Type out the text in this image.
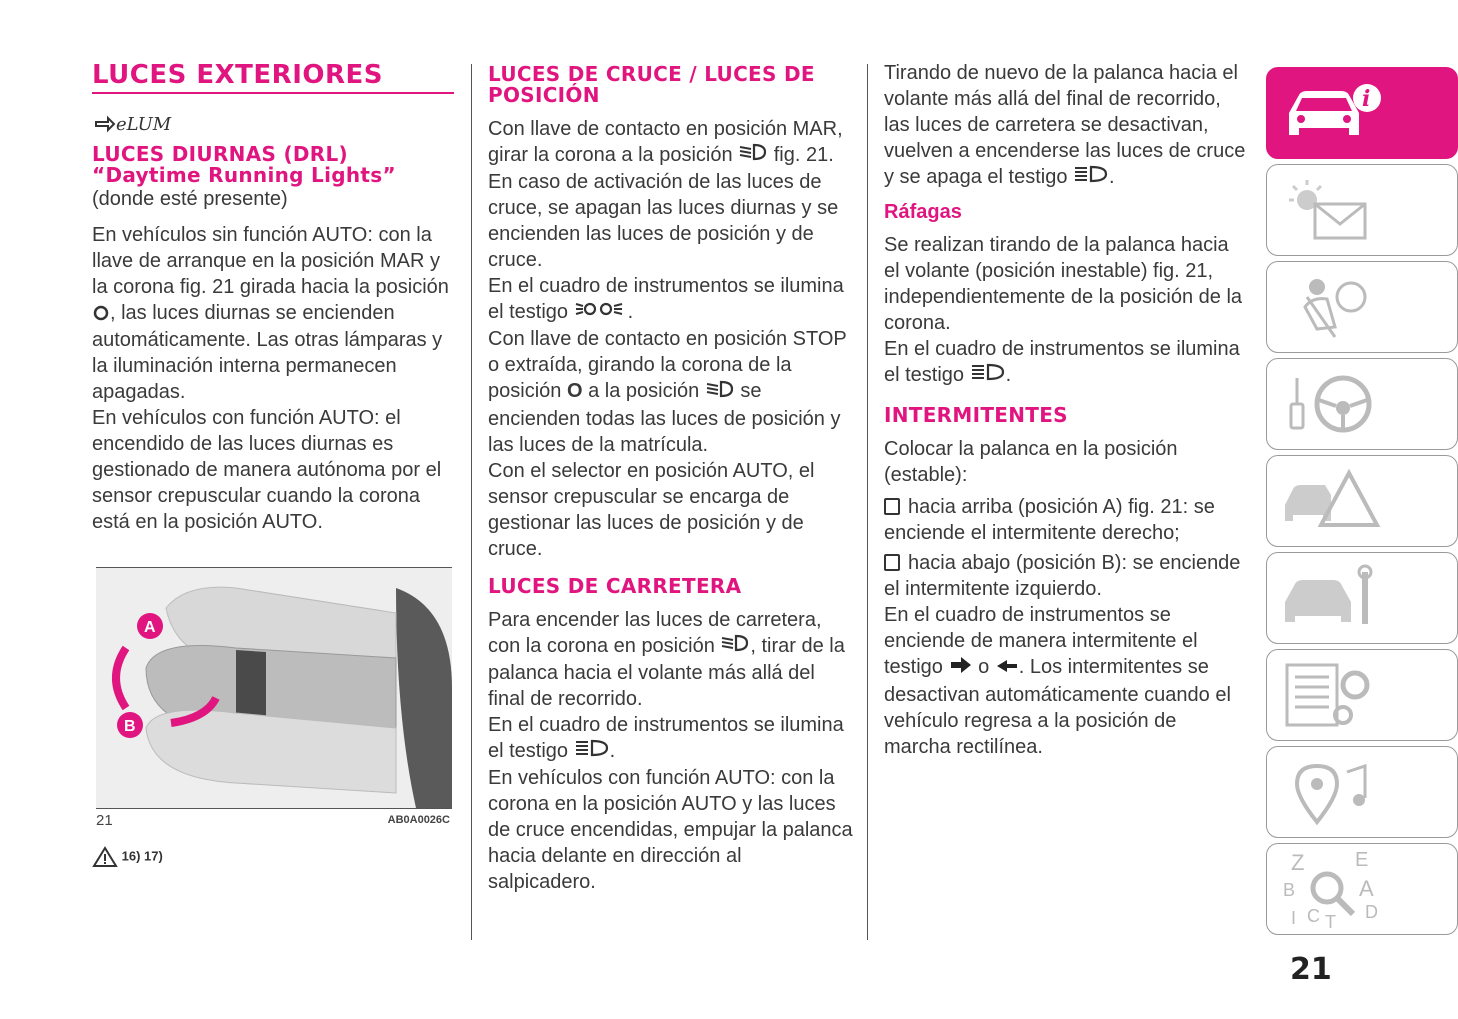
LUCES EXTERIORES
eLUM
LUCES DIURNAS (DRL) “Daytime Running Lights”

(donde esté presente)

En vehículos sin función AUTO: con la llave de arranque en la posición MAR y la corona fig. 21 girada hacia la posición , las luces diurnas se encienden automáticamente. Las otras lámparas y la iluminación interna permanecen apagadas.

En vehículos con función AUTO: el encendido de las luces diurnas es gestionado de manera autónoma por el sensor crepuscular cuando la corona está en la posición AUTO.

A
B
21	AB0A0026C
16) 17)
LUCES DE CRUCE / LUCES DE POSICIÓN

Con llave de contacto en posición MAR, girar la corona a la posición fig. 21. En caso de activación de las luces de cruce, se apagan las luces diurnas y se encienden las luces de posición y de cruce.

En el cuadro de instrumentos se ilumina el testigo	.

Con llave de contacto en posición STOP o extraída, girando la corona de la posición O a la posición se encienden todas las luces de posición y las luces de la matrícula.

Con el selector en posición AUTO, el sensor crepuscular se encarga de gestionar las luces de posición y de cruce.

LUCES DE CARRETERA

Para encender las luces de carretera, con la corona en posición , tirar de la palanca hacia el volante más allá del final de recorrido.

En el cuadro de instrumentos se ilumina el testigo .

En vehículos con función AUTO: con la corona en la posición AUTO y las luces de cruce encendidas, empujar la palanca hacia delante en dirección al salpicadero.

Tirando de nuevo de la palanca hacia el volante más allá del final de recorrido, las luces de carretera se desactivan, vuelven a encenderse las luces de cruce y se apaga el testigo .

Ráfagas

Se realizan tirando de la palanca hacia el volante (posición inestable) fig. 21, independientemente de la posición de la corona.

En el cuadro de instrumentos se ilumina el testigo .

INTERMITENTES

Colocar la palanca en la posición (estable):

hacia arriba (posición A) fig. 21: se enciende el intermitente derecho;

hacia abajo (posición B): se enciende el intermitente izquierdo.

En el cuadro de instrumentos se enciende de manera intermitente el testigo o . Los intermitentes se desactivan automáticamente cuando el vehículo regresa a la posición de marcha rectilínea.

i
Z	E
B	A
C	D
I T
21
